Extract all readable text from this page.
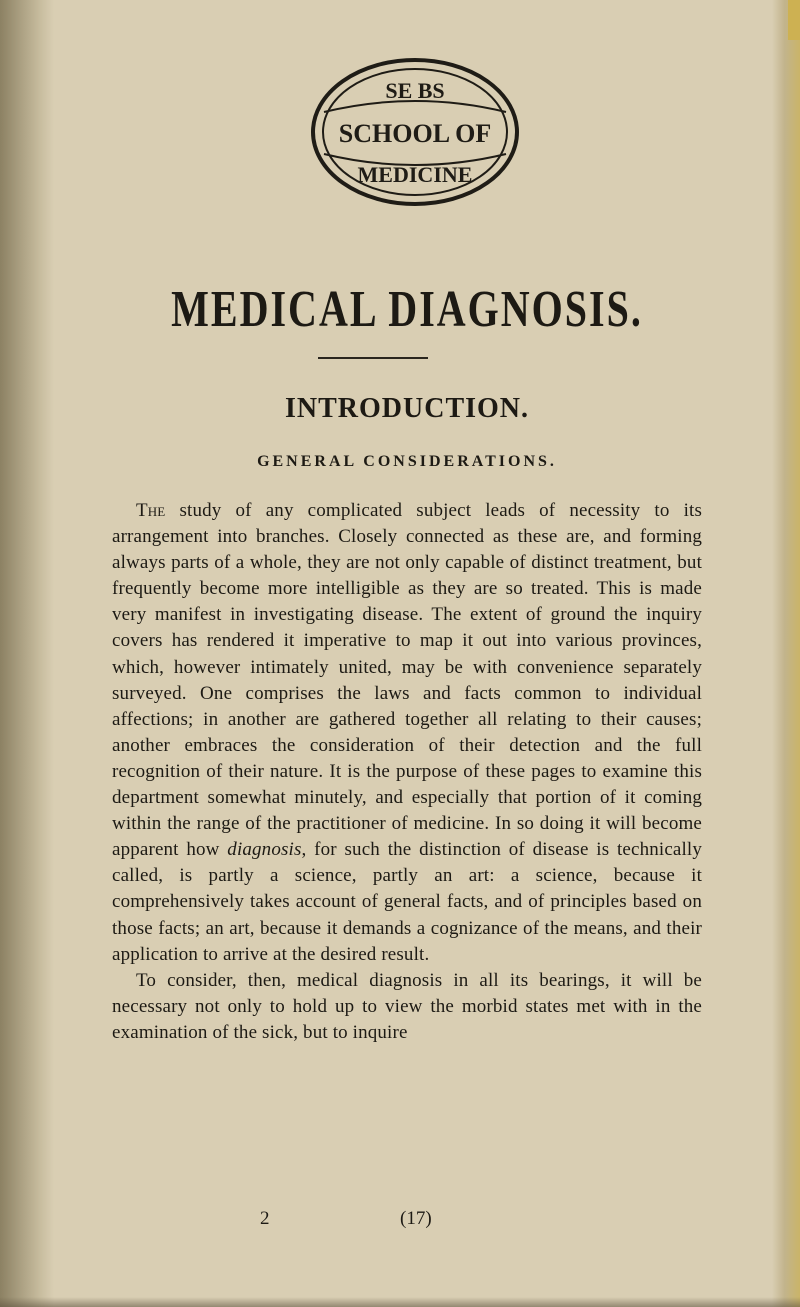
SE BS
SCHOOL OF
MEDICINE
MEDICAL DIAGNOSIS.
INTRODUCTION.
GENERAL CONSIDERATIONS.

The study of any complicated subject leads of necessity to its arrangement into branches. Closely connected as these are, and forming always parts of a whole, they are not only capable of distinct treatment, but frequently become more intelligible as they are so treated. This is made very manifest in investigating disease. The extent of ground the inquiry covers has rendered it imperative to map it out into various provinces, which, however intimately united, may be with convenience separately surveyed. One comprises the laws and facts common to individual affections; in another are gathered together all relating to their causes; another embraces the consideration of their detection and the full recognition of their nature. It is the purpose of these pages to examine this department somewhat minutely, and especially that portion of it coming within the range of the practitioner of medicine. In so doing it will become apparent how diagnosis, for such the distinction of disease is technically called, is partly a science, partly an art: a science, because it comprehensively takes account of general facts, and of principles based on those facts; an art, because it demands a cognizance of the means, and their application to arrive at the desired result.

To consider, then, medical diagnosis in all its bearings, it will be necessary not only to hold up to view the morbid states met with in the examination of the sick, but to inquire

2	(17)
